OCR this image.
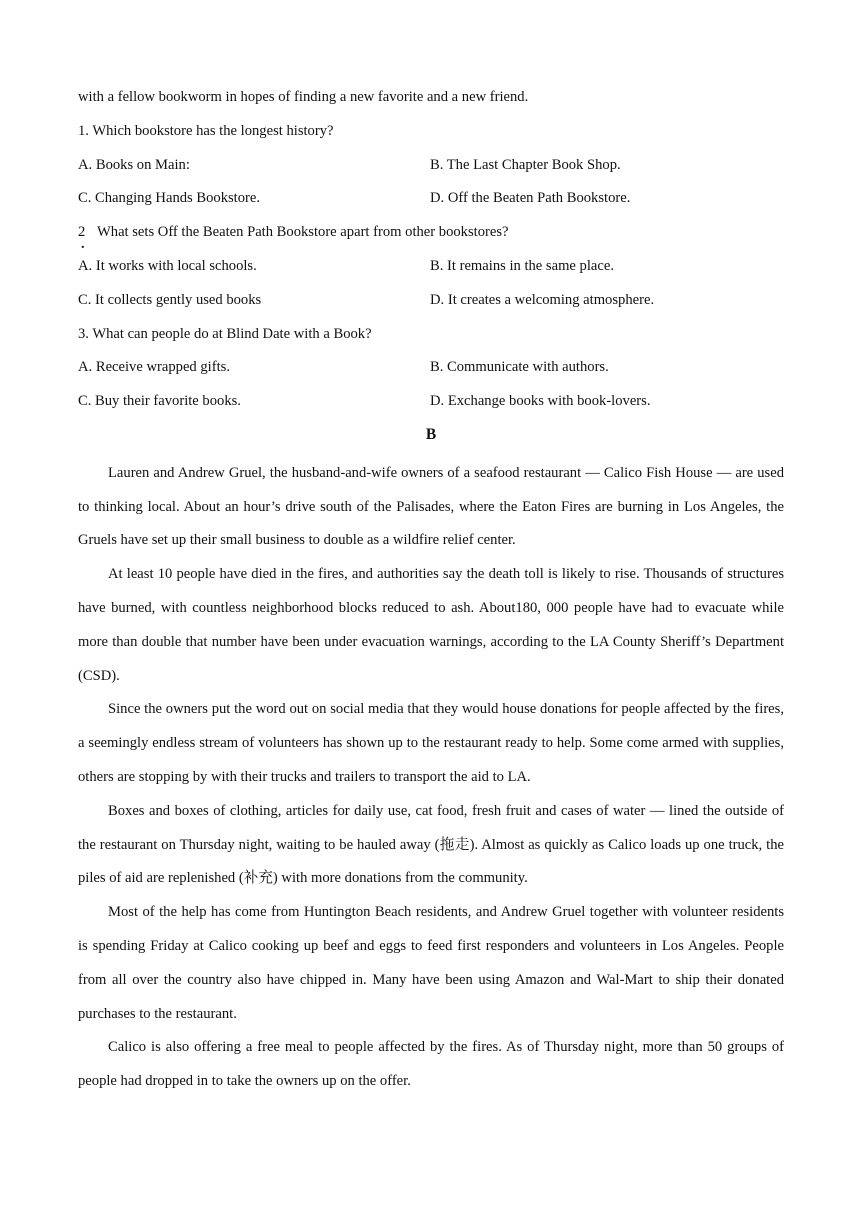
with a fellow bookworm in hopes of finding a new favorite and a new friend.
1. Which bookstore has the longest history?
A. Books on Main:	B. The Last Chapter Book Shop.
C. Changing Hands Bookstore.	D. Off the Beaten Path Bookstore.
2
.
What sets Off the Beaten Path Bookstore apart from other bookstores?
A. It works with local schools.	B. It remains in the same place.
C. It collects gently used books	D. It creates a welcoming atmosphere.
3. What can people do at Blind Date with a Book?
A. Receive wrapped gifts.	B. Communicate with authors.
C. Buy their favorite books.	D. Exchange books with book-lovers.
B

Lauren and Andrew Gruel, the husband-and-wife owners of a seafood restaurant — Calico Fish House — are used to thinking local. About an hour’s drive south of the Palisades, where the Eaton Fires are burning in Los Angeles, the Gruels have set up their small business to double as a wildfire relief center.

At least 10 people have died in the fires, and authorities say the death toll is likely to rise. Thousands of structures have burned, with countless neighborhood blocks reduced to ash. About180, 000 people have had to evacuate while more than double that number have been under evacuation warnings, according to the LA County Sheriff’s Department (CSD).

Since the owners put the word out on social media that they would house donations for people affected by the fires, a seemingly endless stream of volunteers has shown up to the restaurant ready to help. Some come armed with supplies, others are stopping by with their trucks and trailers to transport the aid to LA.

Boxes and boxes of clothing, articles for daily use, cat food, fresh fruit and cases of water — lined the outside of the restaurant on Thursday night, waiting to be hauled away (拖走). Almost as quickly as Calico loads up one truck, the piles of aid are replenished (补充) with more donations from the community.

Most of the help has come from Huntington Beach residents, and Andrew Gruel together with volunteer residents is spending Friday at Calico cooking up beef and eggs to feed first responders and volunteers in Los Angeles. People from all over the country also have chipped in. Many have been using Amazon and Wal-Mart to ship their donated purchases to the restaurant.

Calico is also offering a free meal to people affected by the fires. As of Thursday night, more than 50 groups of people had dropped in to take the owners up on the offer.
